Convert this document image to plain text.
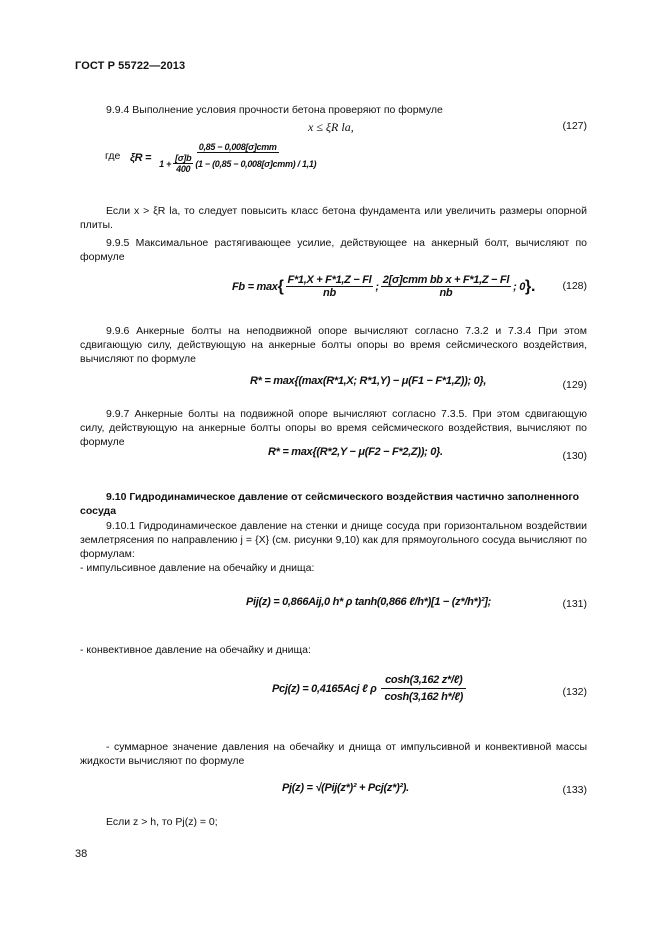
ГОСТ Р 55722—2013
9.9.4 Выполнение условия прочности бетона проверяют по формуле
x ≤ ξR la,	(127)
где ξR =
0,85 − 0,008[σ]cmm
$1 + \frac{[\sigma]b}{400} (1 - (0,85 - 0,008[\sigma]cmm) / 1,1)$
Если x > ξR la, то следует повысить класс бетона фундамента или увеличить размеры опорной плиты.
9.9.5 Максимальное растягивающее усилие, действующее на анкерный болт, вычисляют по формуле
Fb = max { $\frac{F*1,X + F*1,Z - Fl}{nb}$ ; $\frac{\text{2[σ]cmm bb x + F*1,Z − Fl}}{nb}$ ; 0 }.	(128)
9.9.6 Анкерные болты на неподвижной опоре вычисляют согласно 7.3.2 и 7.3.4 При этом сдвигающую силу, действующую на анкерные болты опоры во время сейсмического воздействия, вычисляют по формуле
R* = max{(max(R*1,X; R*1,Y) − μ(F1 − F*1,Z)); 0},	(129)
9.9.7 Анкерные болты на подвижной опоре вычисляют согласно 7.3.5. При этом сдвигающую силу, действующую на анкерные болты опоры во время сейсмического воздействия, вычисляют по формуле
R* = max{(R*2,Y − μ(F2 − F*2,Z)); 0}.	(130)
9.10 Гидродинамическое давление от сейсмического воздействия частично заполненного сосуда
9.10.1 Гидродинамическое давление на стенки и днище сосуда при горизонтальном воздействии землетрясения по направлению j = {X} (см. рисунки 9,10) как для прямоугольного сосуда вычисляют по формулам:
- импульсивное давление на обечайку и днища:
Pij(z) = 0,866Aij,0 h* ρ tanh(0,866 ℓ/h*)[1 − (z*/h*)²];	(131)
- конвективное давление на обечайку и днища:
Pcj(z) = 0,4165Acj ℓ ρ $\frac{\text{cosh(3,162 z*/ℓ)}}{\text{cosh(3,162 h*/ℓ)}}$	(132)
- суммарное значение давления на обечайку и днища от импульсивной и конвективной массы жидкости вычисляют по формуле
Pj(z) = √(Pij(z*)² + Pcj(z*)²).	(133)
Если z > h, то Pj(z) = 0;
38
